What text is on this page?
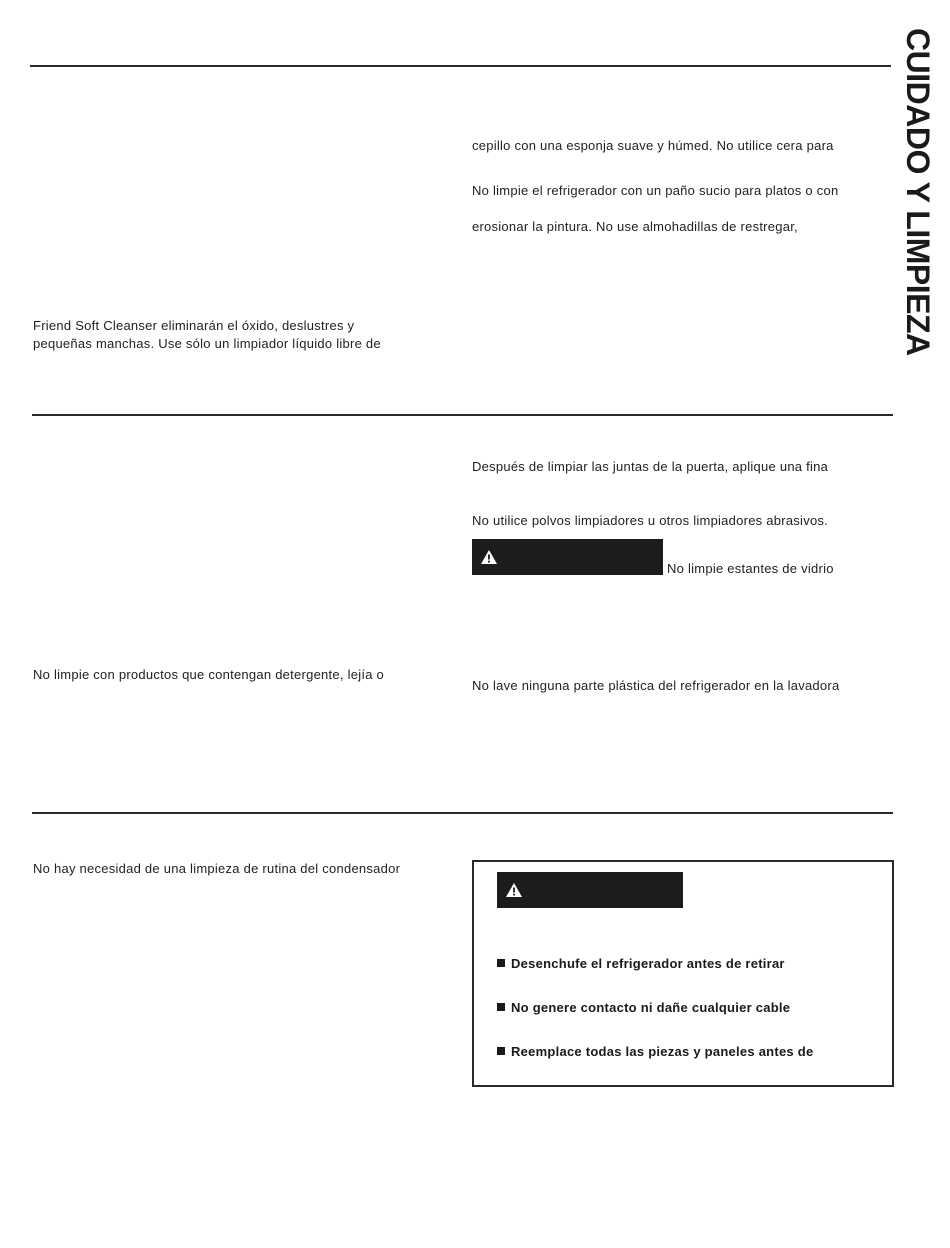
CUIDADO Y LIMPIEZA

cepillo con una esponja suave y húmed. No utilice cera para

No limpie el refrigerador con un paño sucio para platos o con

erosionar la pintura. No use almohadillas de restregar,

Friend Soft Cleanser eliminarán el óxido, deslustres y

pequeñas manchas. Use sólo un limpiador líquido libre de

Después de limpiar las juntas de la puerta, aplique una fina

No utilice polvos limpiadores u otros limpiadores abrasivos.

No limpie estantes de vidrio

No limpie con productos que contengan detergente, lejía o

No lave ninguna parte plástica del refrigerador en la lavadora

No hay necesidad de una limpieza de rutina del condensador

Desenchufe el refrigerador antes de retirar

No genere contacto ni dañe cualquier cable

Reemplace todas las piezas y paneles antes de
